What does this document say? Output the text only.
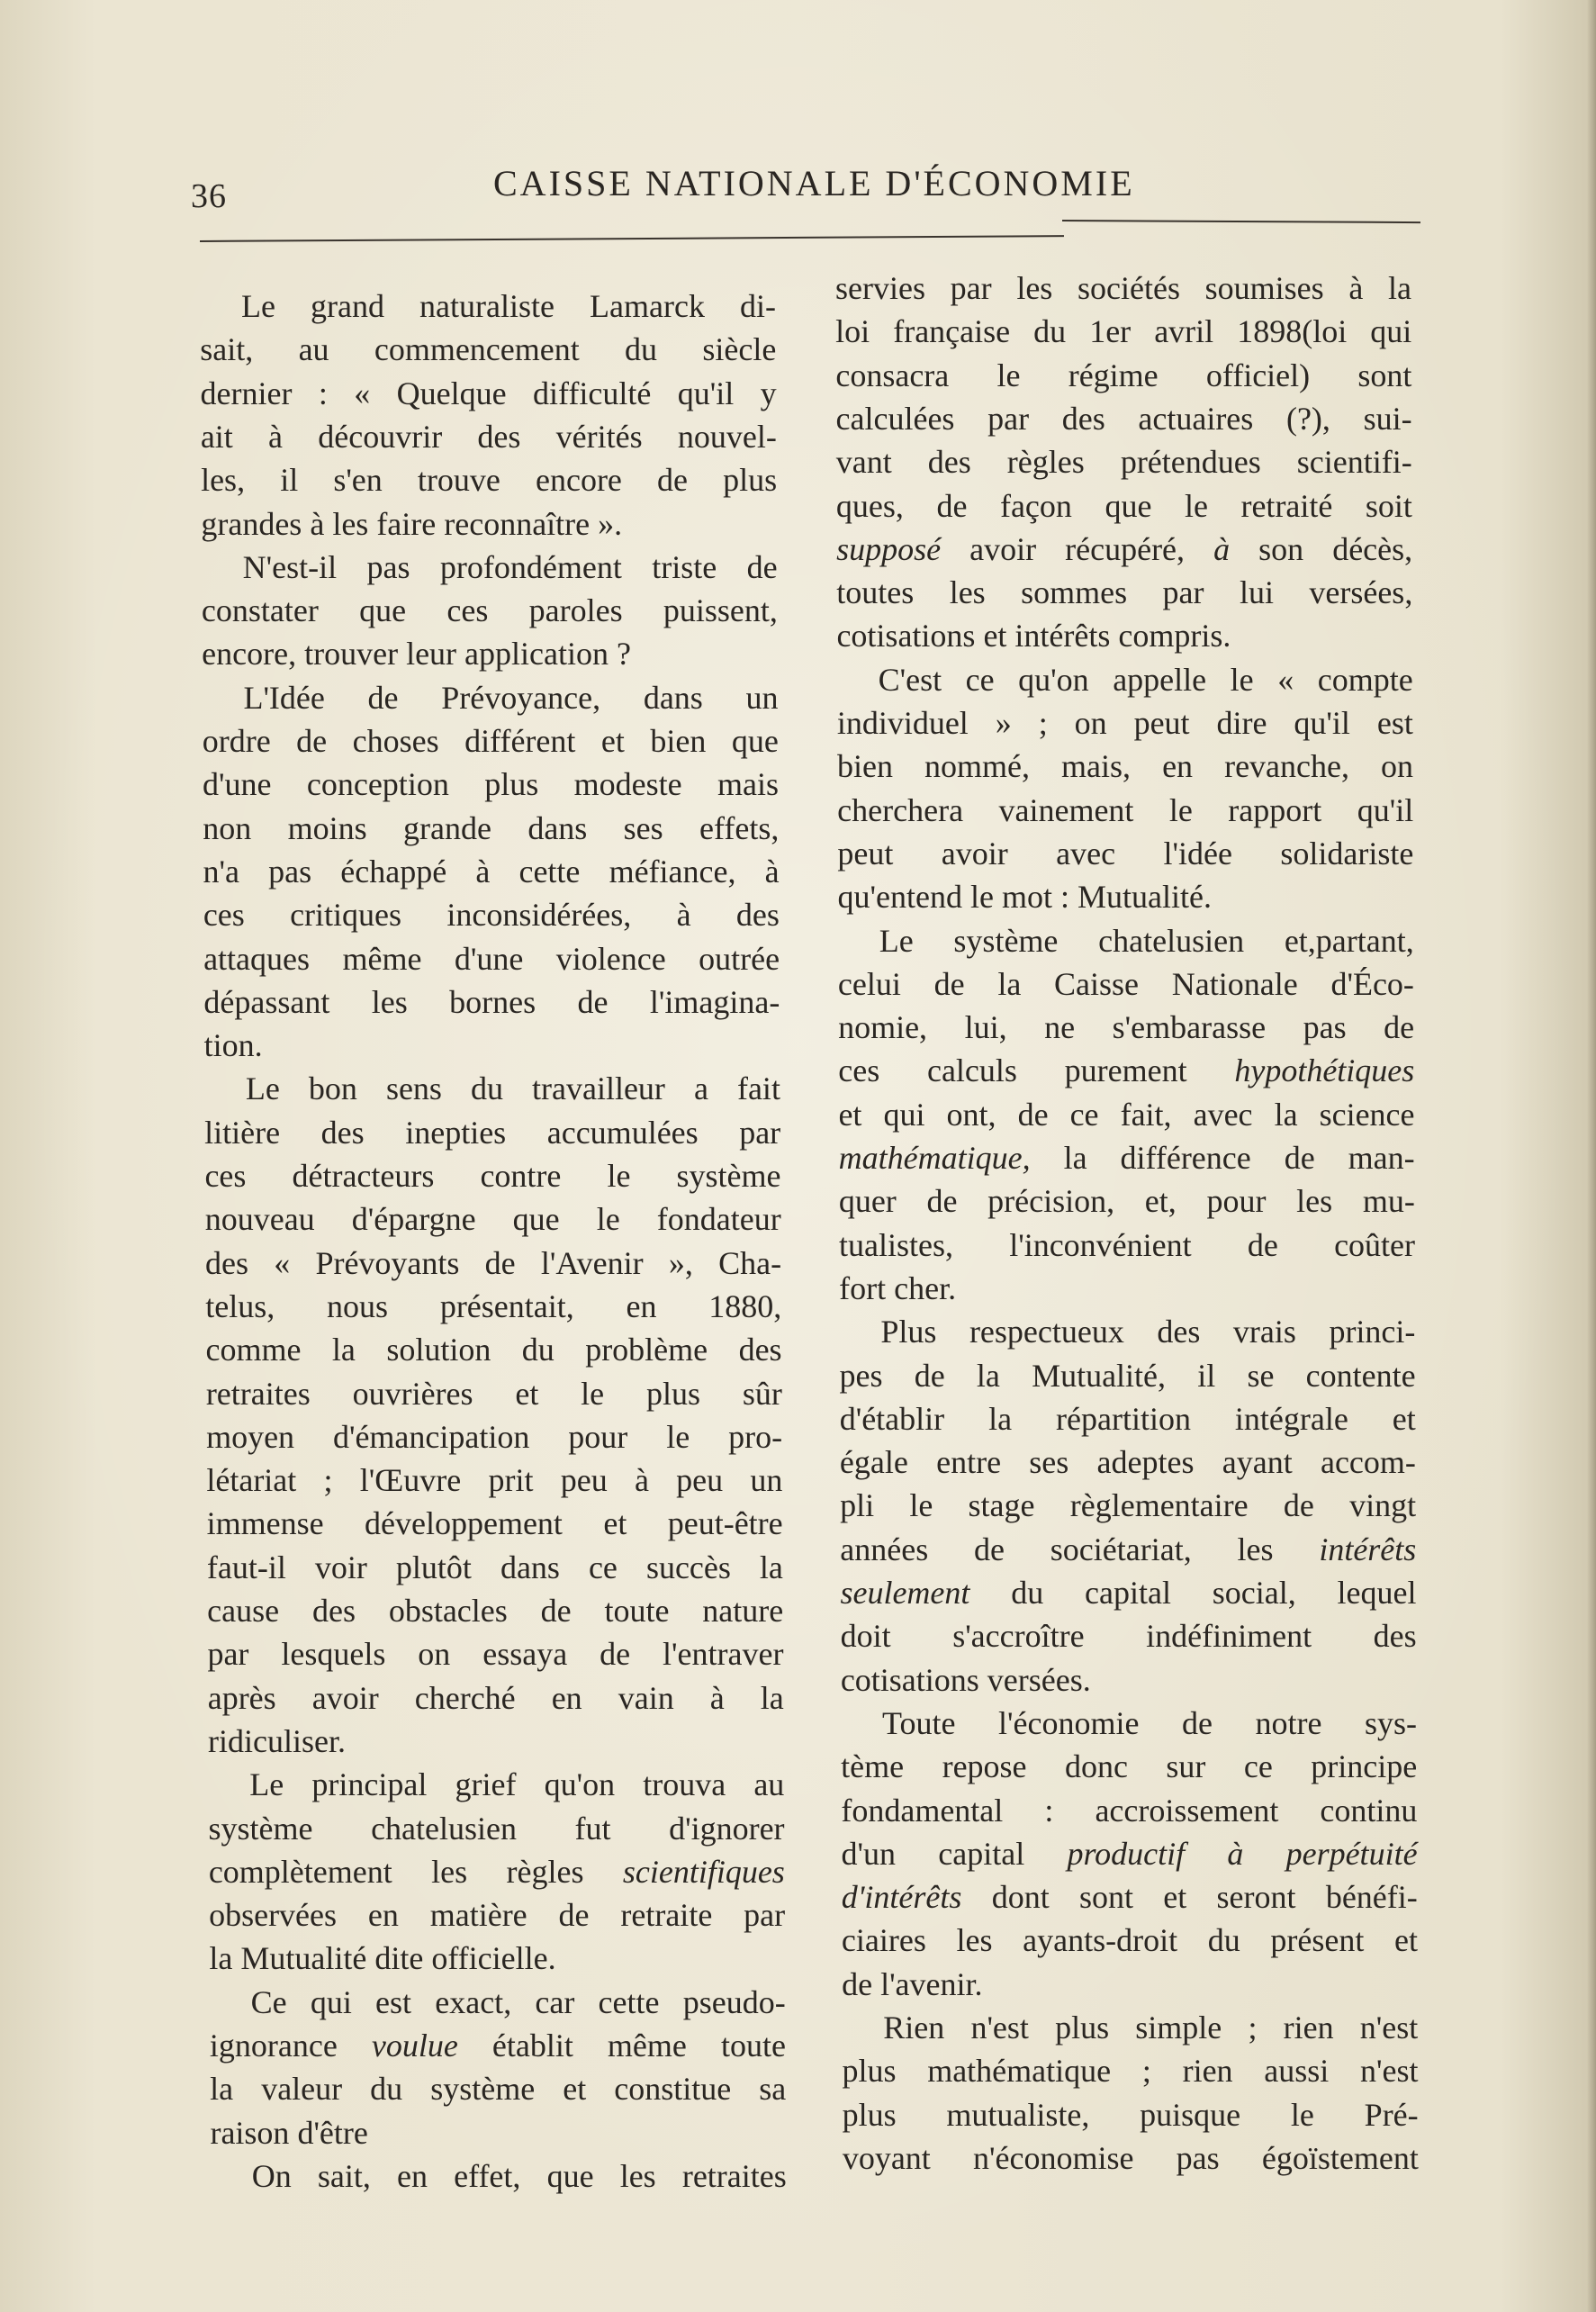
36	CAISSE NATIONALE D'ÉCONOMIE
Le grand naturaliste Lamarck di-
sait, au commencement du siècle
dernier : « Quelque difficulté qu'il y
ait à découvrir des vérités nouvel-
les, il s'en trouve encore de plus
grandes à les faire reconnaître ».
N'est-il pas profondément triste de
constater que ces paroles puissent,
encore, trouver leur application ?
L'Idée de Prévoyance, dans un
ordre de choses différent et bien que
d'une conception plus modeste mais
non moins grande dans ses effets,
n'a pas échappé à cette méfiance, à
ces critiques inconsidérées, à des
attaques même d'une violence outrée
dépassant les bornes de l'imagina-
tion.
Le bon sens du travailleur a fait
litière des inepties accumulées par
ces détracteurs contre le système
nouveau d'épargne que le fondateur
des « Prévoyants de l'Avenir », Cha-
telus, nous présentait, en 1880,
comme la solution du problème des
retraites ouvrières et le plus sûr
moyen d'émancipation pour le pro-
létariat ; l'Œuvre prit peu à peu un
immense développement et peut-être
faut-il voir plutôt dans ce succès la
cause des obstacles de toute nature
par lesquels on essaya de l'entraver
après avoir cherché en vain à la
ridiculiser.
Le principal grief qu'on trouva au
système chatelusien fut d'ignorer
complètement les règles scientifiques
observées en matière de retraite par
la Mutualité dite officielle.
Ce qui est exact, car cette pseudo-
ignorance voulue établit même toute
la valeur du système et constitue sa
raison d'être
On sait, en effet, que les retraites
servies par les sociétés soumises à la
loi française du 1er avril 1898(loi qui
consacra le régime officiel) sont
calculées par des actuaires (?), sui-
vant des règles prétendues scientifi-
ques, de façon que le retraité soit
supposé avoir récupéré, à son décès,
toutes les sommes par lui versées,
cotisations et intérêts compris.
C'est ce qu'on appelle le « compte
individuel » ; on peut dire qu'il est
bien nommé, mais, en revanche, on
cherchera vainement le rapport qu'il
peut avoir avec l'idée solidariste
qu'entend le mot : Mutualité.
Le système chatelusien et,partant,
celui de la Caisse Nationale d'Éco-
nomie, lui, ne s'embarasse pas de
ces calculs purement hypothétiques
et qui ont, de ce fait, avec la science
mathématique, la différence de man-
quer de précision, et, pour les mu-
tualistes, l'inconvénient de coûter
fort cher.
Plus respectueux des vrais princi-
pes de la Mutualité, il se contente
d'établir la répartition intégrale et
égale entre ses adeptes ayant accom-
pli le stage règlementaire de vingt
années de sociétariat, les intérêts
seulement du capital social, lequel
doit s'accroître indéfiniment des
cotisations versées.
Toute l'économie de notre sys-
tème repose donc sur ce principe
fondamental : accroissement continu
d'un capital productif à perpétuité
d'intérêts dont sont et seront bénéfi-
ciaires les ayants-droit du présent et
de l'avenir.
Rien n'est plus simple ; rien n'est
plus mathématique ; rien aussi n'est
plus mutualiste, puisque le Pré-
voyant n'économise pas égoïstement
